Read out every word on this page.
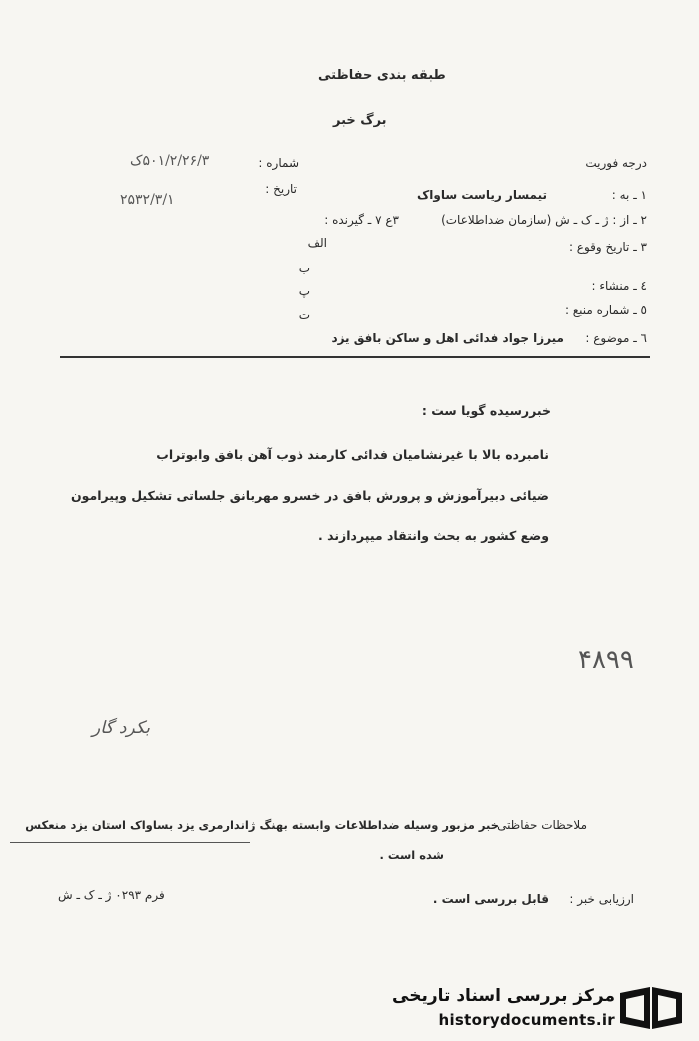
طبقه بندی حفاظتی
برگ خبر
درجه فوریت
شماره :
۵۰۱/۲/۲۶/۳ک
تاریخ :
۲۵۳۲/۳/۱	۱ ـ به :
تیمسار ریاست ساواک
۲ ـ از : ژ ـ ک ـ ش (سازمان ضداطلاعات)
۳ع ۷ ـ گیرنده :
۳ ـ تاریخ وقوع :
الف
ب
٤ ـ منشاء :
پ
٥ ـ شماره منبع :
ت
٦ ـ موضوع :
میرزا جواد فدائی اهل و ساکن بافق یزد
خبررسیده گویا ست :
نامبرده بالا با غیرنشامیان فدائی کارمند ذوب آهن بافق وابوتراب
ضیائی دبیرآموزش و پرورش بافق در خسرو مهربانق جلساتی تشکیل وپیرامون
وضع کشور به بحث وانتقاد میپردازند .
۴۸۹۹
بکرد گار
ملاحظات حفاظتی
خبر مزبور وسیله ضداطلاعات وابسته بهنگ ژاندارمری یزد بساواک استان یزد منعکس
شده است .
ارزیابی خبر :
قابل بررسی است .
فرم ۰۲۹۳ ژ ـ ک ـ ش
مرکز بررسی اسناد تاریخی
historydocuments.ir
